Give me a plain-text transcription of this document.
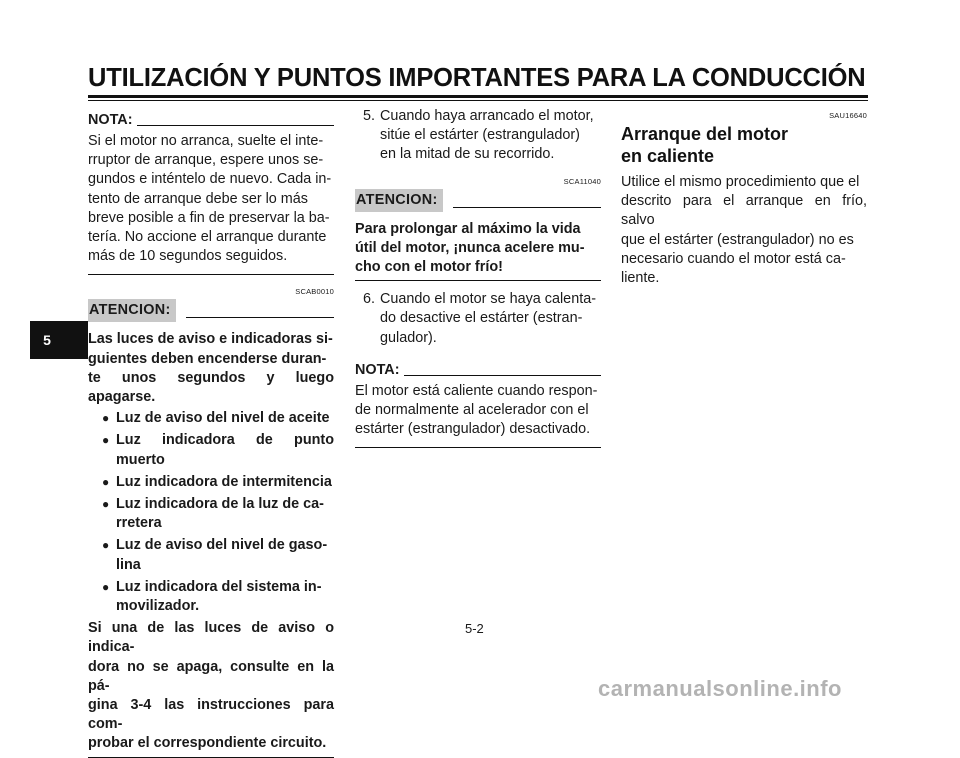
UTILIZACIÓN Y PUNTOS IMPORTANTES PARA LA CONDUCCIÓN
5
NOTA:
Si el motor no arranca, suelte el inte-
rruptor de arranque, espere unos se-
gundos e inténtelo de nuevo. Cada in-
tento de arranque debe ser lo más
breve posible a fin de preservar la ba-
tería. No accione el arranque durante
más de 10 segundos seguidos.
SCAB0010
ATENCION:
Las luces de aviso e indicadoras si-
guientes deben encenderse duran-
te unos segundos y luego apagarse.
● Luz de aviso del nivel de aceite
● Luz indicadora de punto muerto
● Luz indicadora de intermitencia
● Luz indicadora de la luz de ca-
rretera
● Luz de aviso del nivel de gaso-
lina
● Luz indicadora del sistema in-
movilizador.
Si una de las luces de aviso o indica-
dora no se apaga, consulte en la pá-
gina 3-4 las instrucciones para com-
probar el correspondiente circuito.
5. Cuando haya arrancado el motor,
sitúe el estárter (estrangulador)
en la mitad de su recorrido.
SCA11040
ATENCION:
Para prolongar al máximo la vida
útil del motor, ¡nunca acelere mu-
cho con el motor frío!
6. Cuando el motor se haya calenta-
do desactive el estárter (estran-
gulador).
NOTA:
El motor está caliente cuando respon-
de normalmente al acelerador con el
estárter (estrangulador) desactivado.
SAU16640
Arranque del motor
en caliente
Utilice el mismo procedimiento que el
descrito para el arranque en frío, salvo
que el estárter (estrangulador) no es
necesario cuando el motor está ca-
liente.
5-2
carmanualsonline.info
